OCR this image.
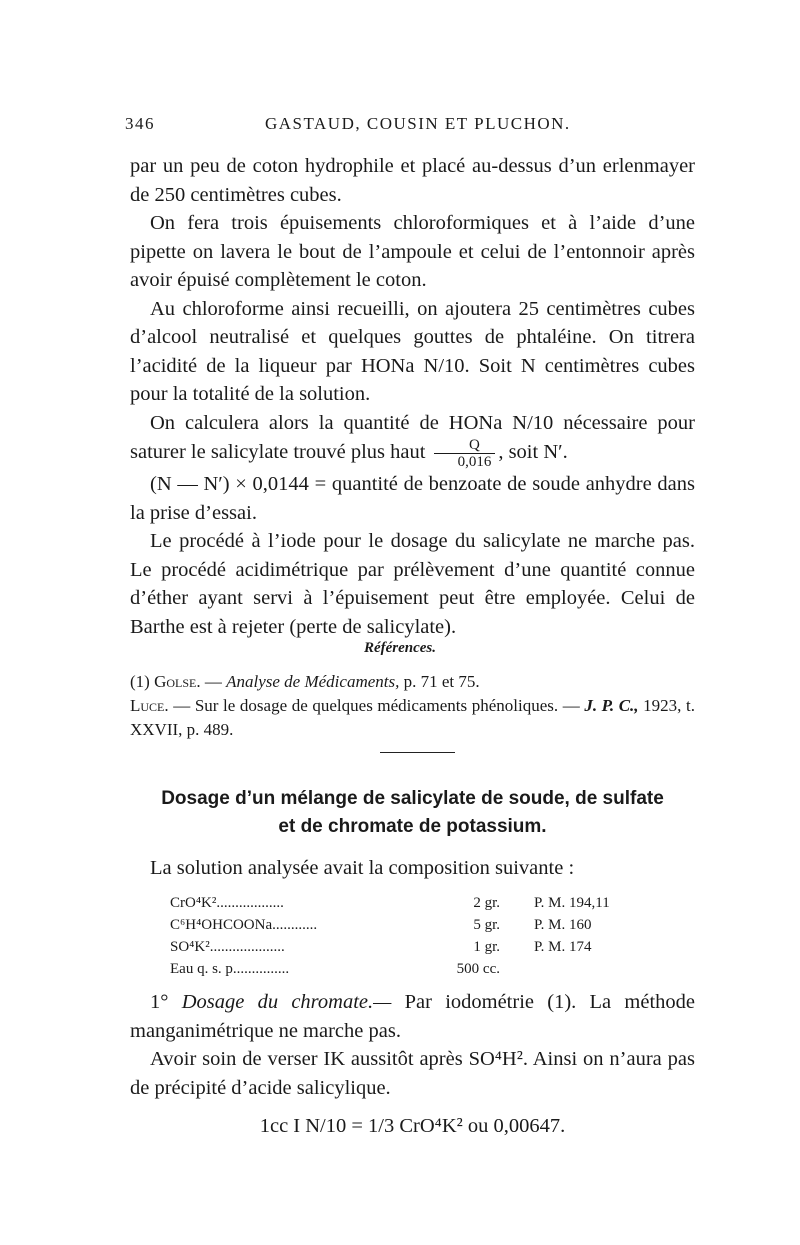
346	GASTAUD, COUSIN ET PLUCHON.

par un peu de coton hydrophile et placé au-dessus d’un erlenmayer de 250 centimètres cubes.

On fera trois épuisements chloroformiques et à l’aide d’une pipette on lavera le bout de l’ampoule et celui de l’entonnoir après avoir épuisé complètement le coton.

Au chloroforme ainsi recueilli, on ajoutera 25 centimètres cubes d’alcool neutralisé et quelques gouttes de phtaléine. On titrera l’acidité de la liqueur par HONa N/10. Soit N centimètres cubes pour la totalité de la solution.

On calculera alors la quantité de HONa N/10 nécessaire pour saturer le salicylate trouvé plus haut $\frac{Q}{0,016}$ , soit N′.

(N — N′) × 0,0144 = quantité de benzoate de soude anhydre dans la prise d’essai.

Le procédé à l’iode pour le dosage du salicylate ne marche pas. Le procédé acidimétrique par prélèvement d’une quantité connue d’éther ayant servi à l’épuisement peut être employée. Celui de Barthe est à rejeter (perte de salicylate).

Références.

(1) Golse. — Analyse de Médicaments, p. 71 et 75.

Luce. — Sur le dosage de quelques médicaments phénoliques. — J. P. C., 1923, t. XXVII, p. 489.

Dosage d’un mélange de salicylate de soude, de sulfate
et de chromate de potassium.

La solution analysée avait la composition suivante :

CrO⁴K²..................	2 gr. P. M. 194,11
C⁶H⁴OHCOONa............	5 gr. P. M. 160
SO⁴K²....................	1 gr. P. M. 174
Eau q. s. p...............	500 cc.

1° Dosage du chromate.— Par iodométrie (1). La méthode manganimétrique ne marche pas.

Avoir soin de verser IK aussitôt après SO⁴H². Ainsi on n’aura pas de précipité d’acide salicylique.

1cc I N/10 = 1/3 CrO⁴K² ou 0,00647.
